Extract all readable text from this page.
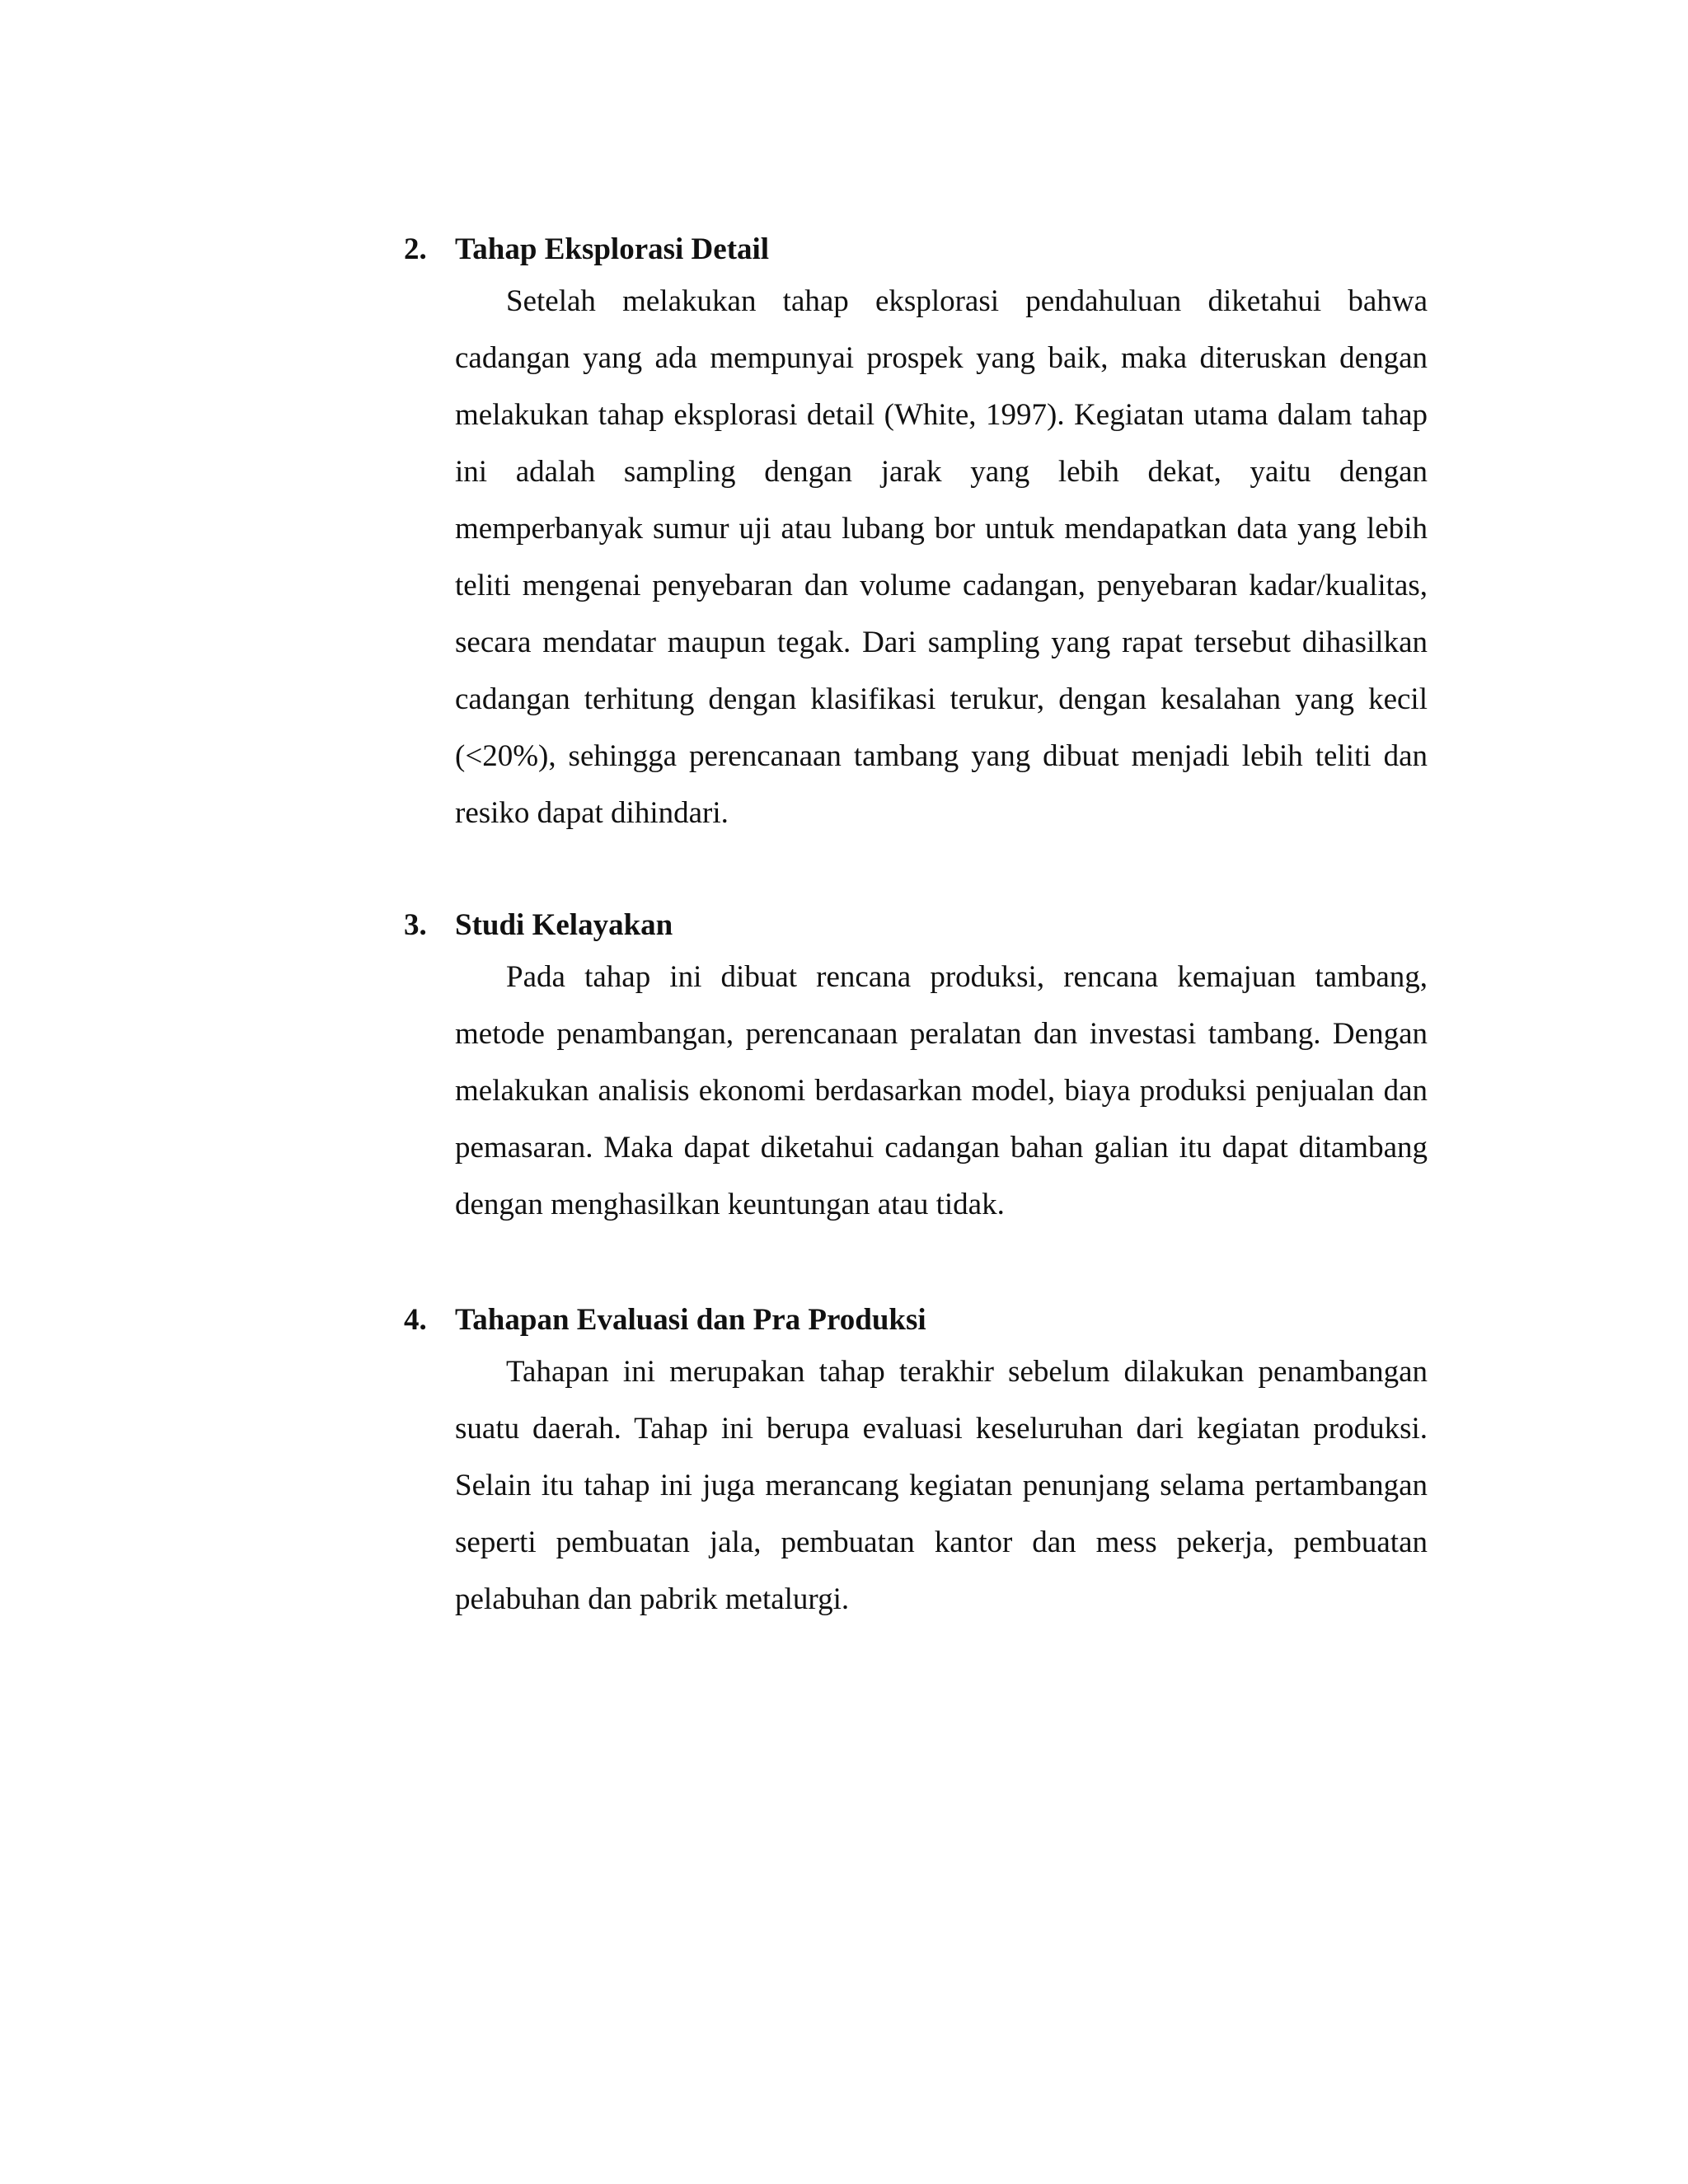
2. Tahap Eksplorasi Detail

Setelah melakukan tahap eksplorasi pendahuluan diketahui bahwa cadangan yang ada mempunyai prospek yang baik, maka diteruskan dengan melakukan tahap eksplorasi detail (White, 1997). Kegiatan utama dalam tahap ini adalah sampling dengan jarak yang lebih dekat, yaitu dengan memperbanyak sumur uji atau lubang bor untuk mendapatkan data yang lebih teliti mengenai penyebaran dan volume cadangan, penyebaran kadar/kualitas, secara mendatar maupun tegak. Dari sampling yang rapat tersebut dihasilkan cadangan terhitung dengan klasifikasi terukur, dengan kesalahan yang kecil (<20%), sehingga perencanaan tambang yang dibuat menjadi lebih teliti dan resiko dapat dihindari.

3. Studi Kelayakan

Pada tahap ini dibuat rencana produksi, rencana kemajuan tambang, metode penambangan, perencanaan peralatan dan investasi tambang. Dengan melakukan analisis ekonomi berdasarkan model, biaya produksi penjualan dan pemasaran. Maka dapat diketahui cadangan bahan galian itu dapat ditambang dengan menghasilkan keuntungan atau tidak.

4. Tahapan Evaluasi dan Pra Produksi

Tahapan ini merupakan tahap terakhir sebelum dilakukan penambangan suatu daerah. Tahap ini berupa evaluasi keseluruhan dari kegiatan produksi. Selain itu tahap ini juga merancang kegiatan penunjang selama pertambangan seperti pembuatan jala, pembuatan kantor dan mess pekerja, pembuatan pelabuhan dan pabrik metalurgi.
